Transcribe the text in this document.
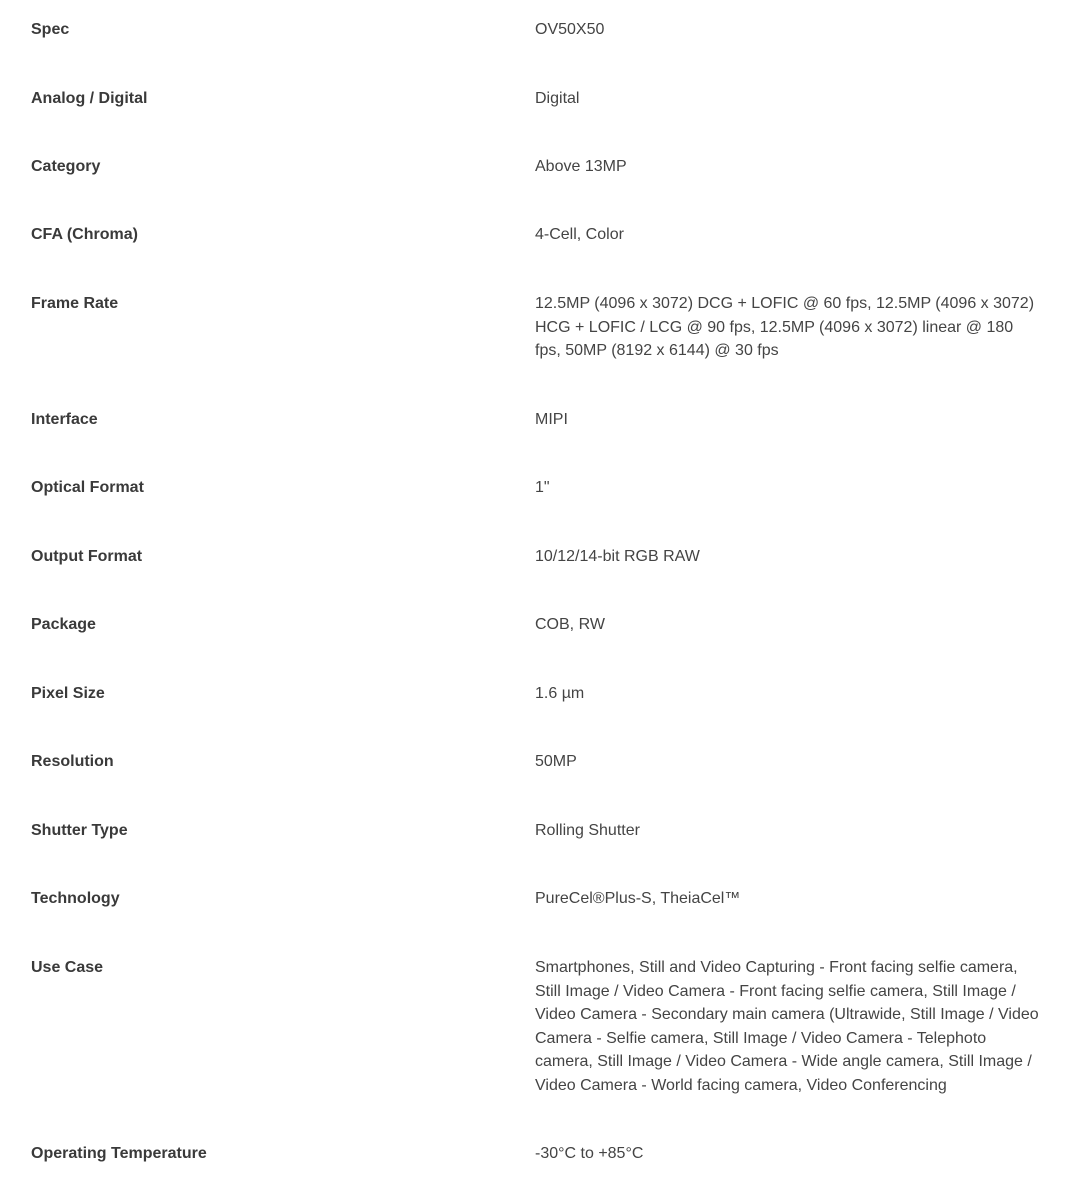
Spec	OV50X50
Analog / Digital	Digital
Category	Above 13MP
CFA (Chroma)	4-Cell, Color
Frame Rate	12.5MP (4096 x 3072) DCG + LOFIC @ 60 fps, 12.5MP (4096 x 3072) HCG + LOFIC / LCG @ 90 fps, 12.5MP (4096 x 3072) linear @ 180 fps, 50MP (8192 x 6144) @ 30 fps
Interface	MIPI
Optical Format	1"
Output Format	10/12/14-bit RGB RAW
Package	COB, RW
Pixel Size	1.6 µm
Resolution	50MP
Shutter Type	Rolling Shutter
Technology	PureCel®Plus‑S, TheiaCel™
Use Case	Smartphones, Still and Video Capturing - Front facing selfie camera, Still Image / Video Camera - Front facing selfie camera, Still Image / Video Camera - Secondary main camera (Ultrawide, Still Image / Video Camera - Selfie camera, Still Image / Video Camera - Telephoto camera, Still Image / Video Camera - Wide angle camera, Still Image / Video Camera - World facing camera, Video Conferencing
Operating Temperature	-30°C to +85°C
